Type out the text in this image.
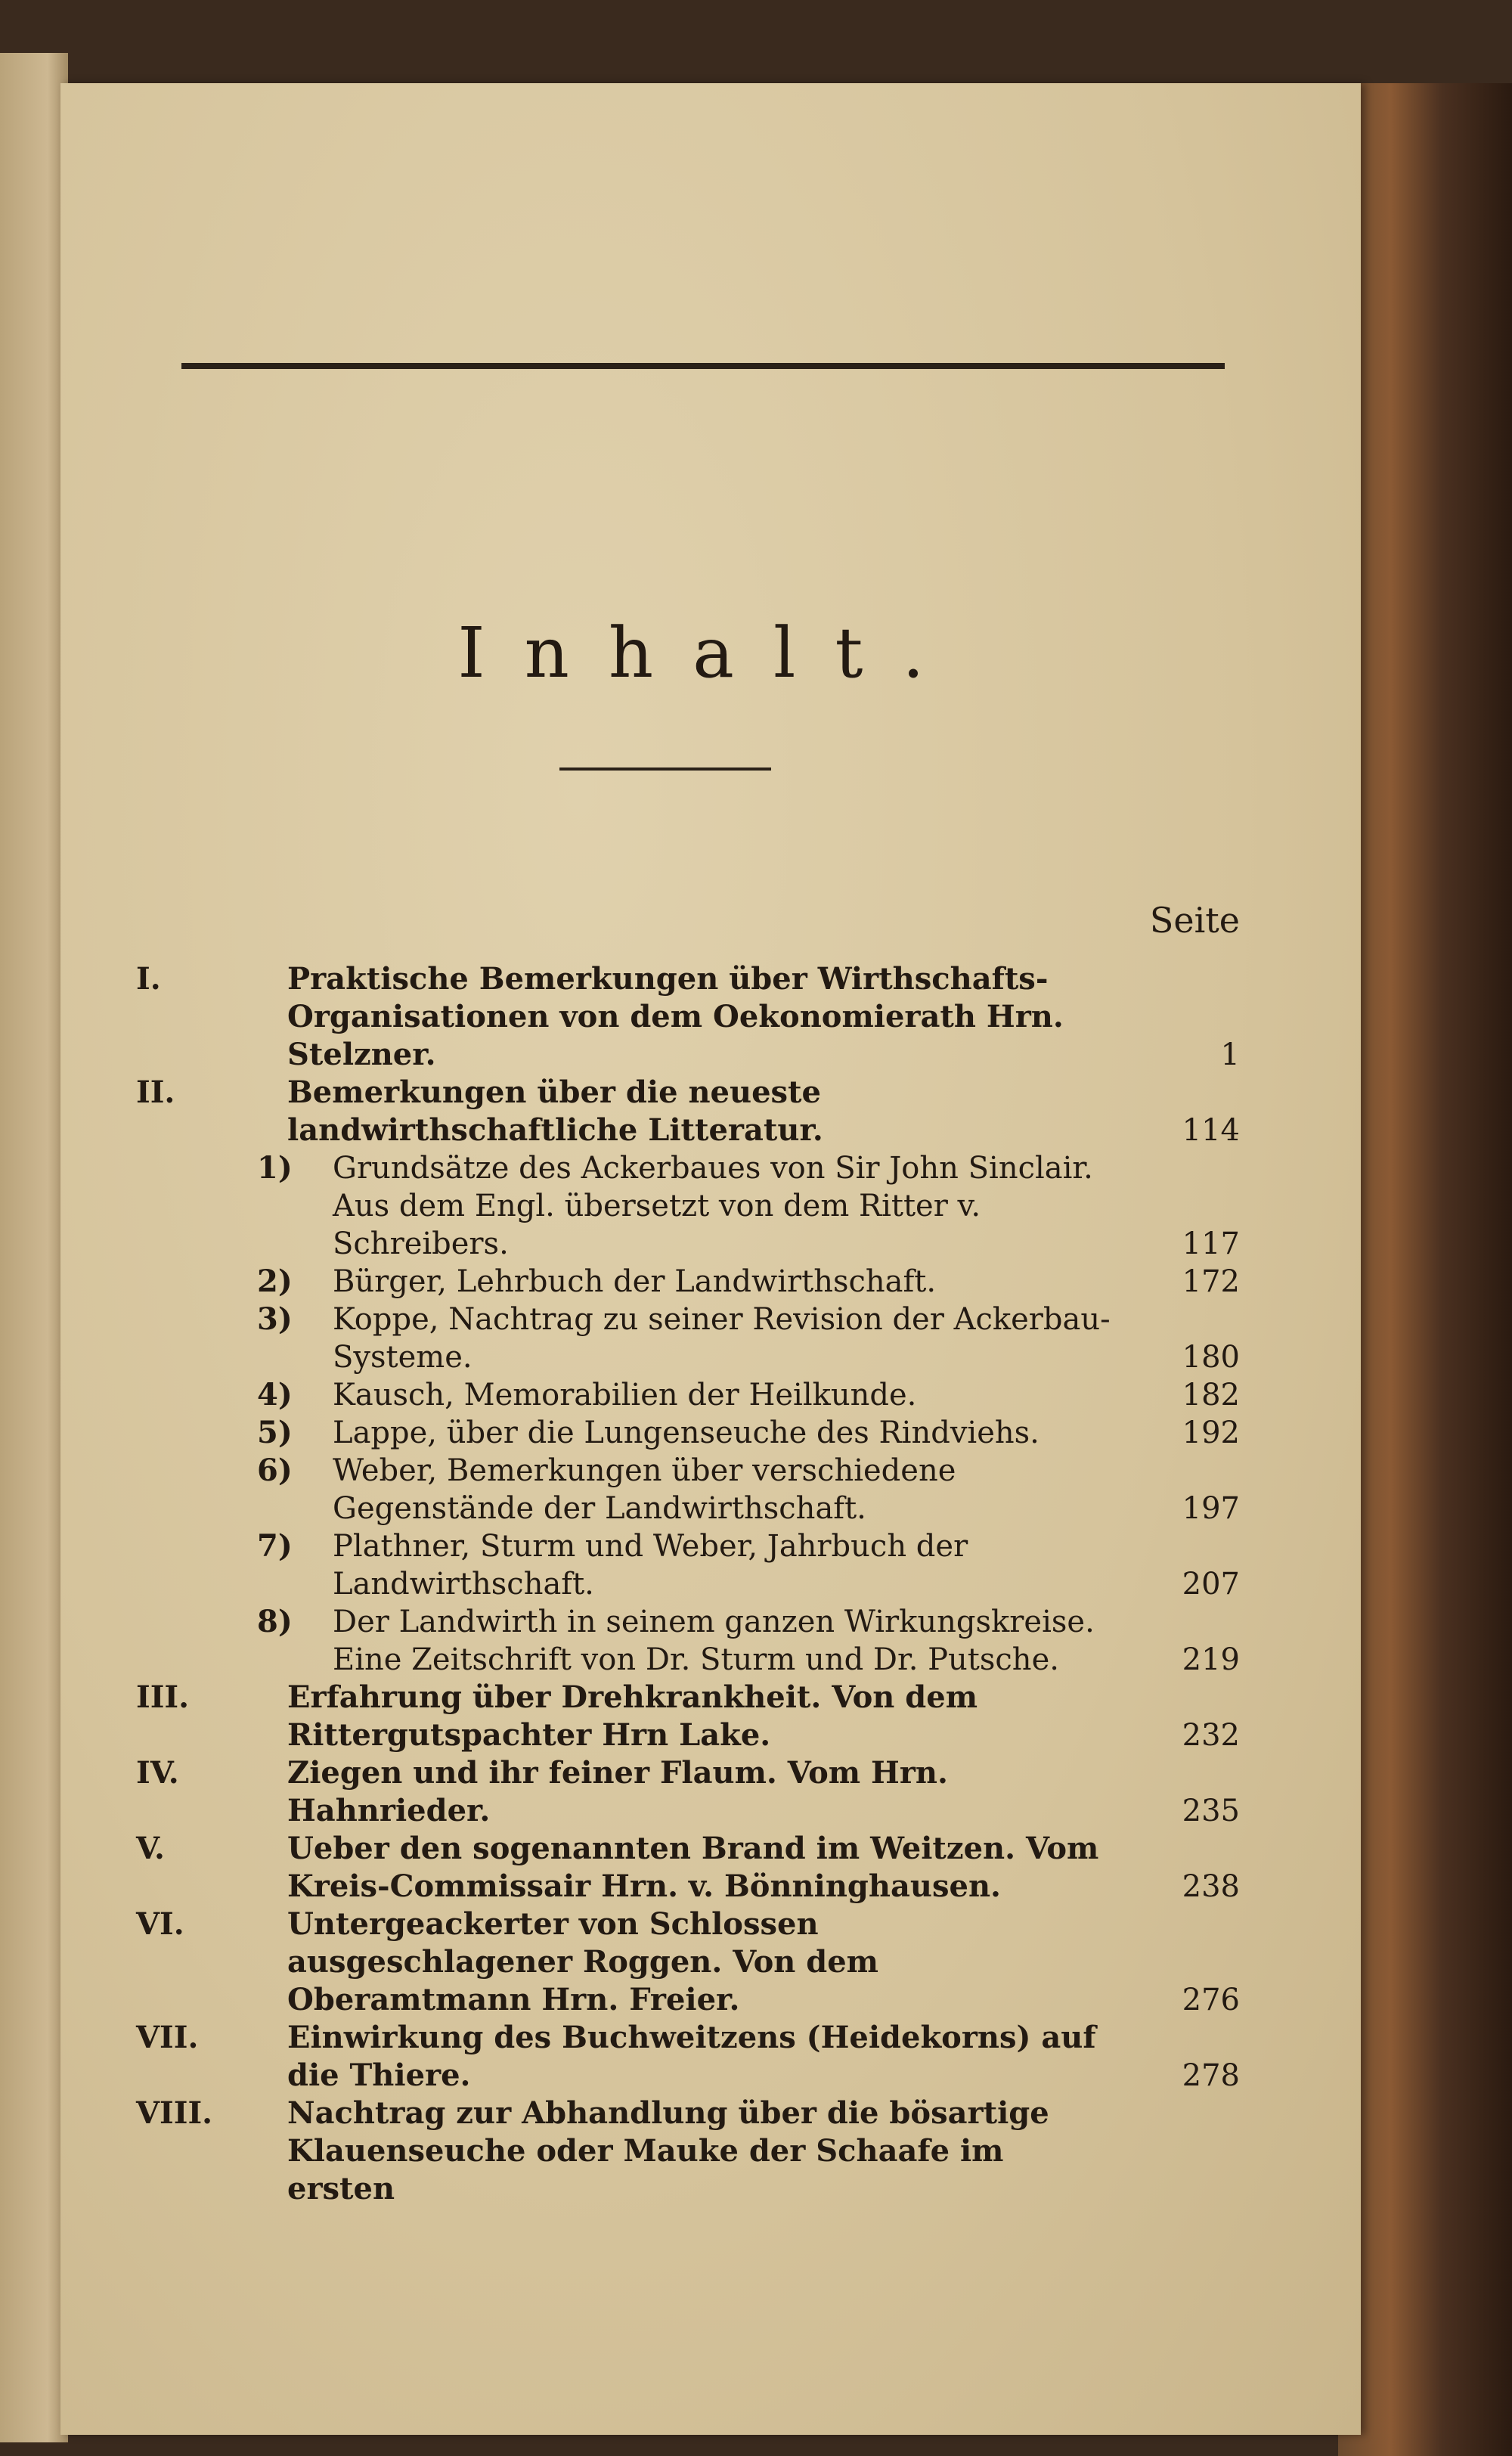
Inhalt.
Seite
I.	Praktische Bemerkungen über Wirthschafts-Organisationen von dem Oekonomierath Hrn. Stelzner.	1
II.	Bemerkungen über die neueste landwirthschaftliche Litteratur.	114
1)	Grundsätze des Ackerbaues von Sir John Sinclair. Aus dem Engl. übersetzt von dem Ritter v. Schreibers.	117
2)	Bürger, Lehrbuch der Landwirthschaft.	172
3)	Koppe, Nachtrag zu seiner Revision der Ackerbau-Systeme.	180
4)	Kausch, Memorabilien der Heilkunde.	182
5)	Lappe, über die Lungenseuche des Rindviehs.	192
6)	Weber, Bemerkungen über verschiedene Gegenstände der Landwirthschaft.	197
7)	Plathner, Sturm und Weber, Jahrbuch der Landwirthschaft.	207
8)	Der Landwirth in seinem ganzen Wirkungskreise. Eine Zeitschrift von Dr. Sturm und Dr. Putsche.	219
III.	Erfahrung über Drehkrankheit. Von dem Rittergutspachter Hrn Lake.	232
IV.	Ziegen und ihr feiner Flaum. Vom Hrn. Hahnrieder.	235
V.	Ueber den sogenannten Brand im Weitzen. Vom Kreis-Commissair Hrn. v. Bönninghausen.	238
VI.	Untergeackerter von Schlossen ausgeschlagener Roggen. Von dem Oberamtmann Hrn. Freier.	276
VII.	Einwirkung des Buchweitzens (Heidekorns) auf die Thiere.	278
VIII. Nachtrag zur Abhandlung über die bösartige Klauenseuche oder Mauke der Schaafe im ersten
